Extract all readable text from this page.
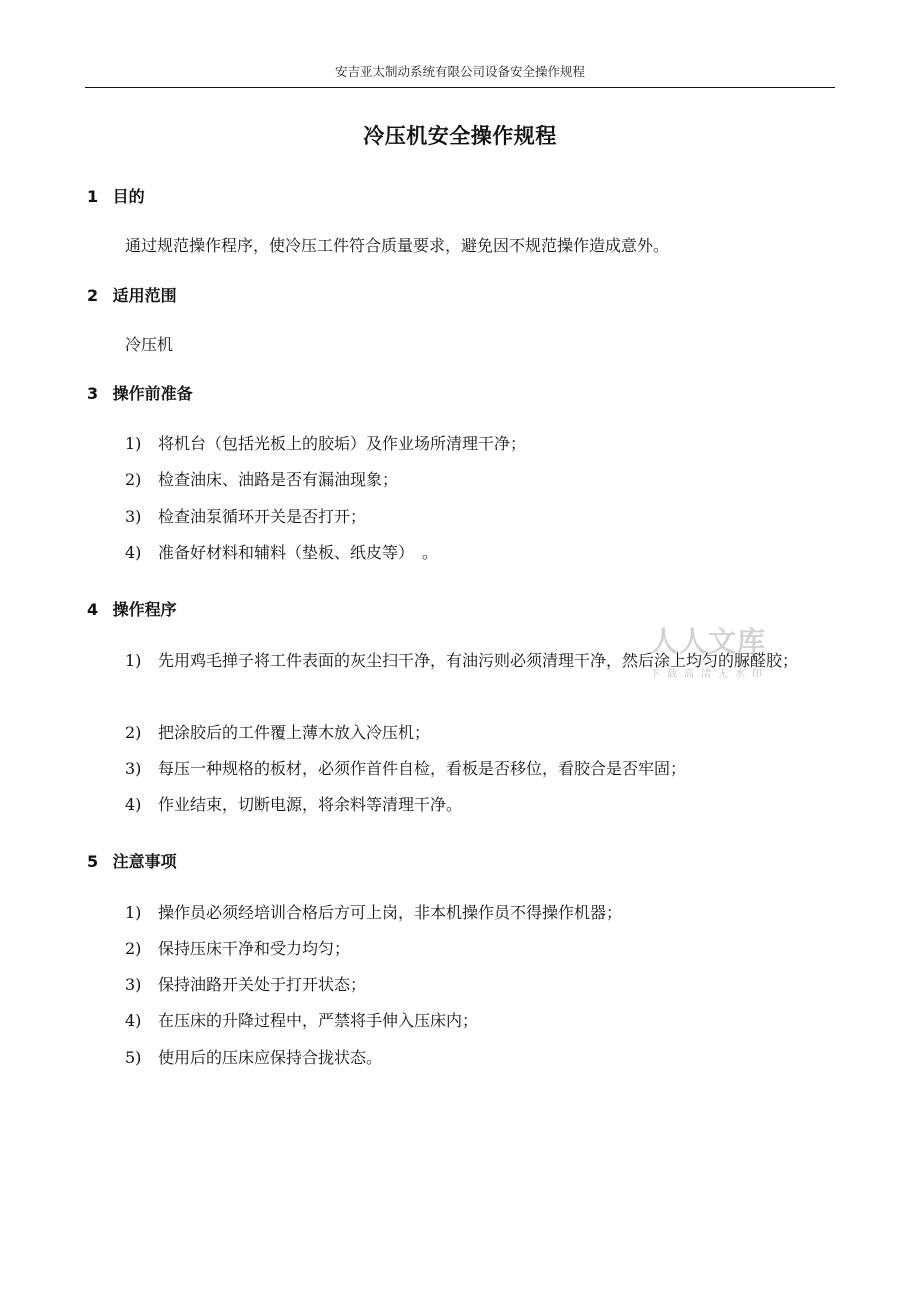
安吉亚太制动系统有限公司设备安全操作规程
冷压机安全操作规程
1 目的
通过规范操作程序，使冷压工件符合质量要求，避免因不规范操作造成意外。
2 适用范围
冷压机
3 操作前准备
1)	将机台（包括光板上的胶垢）及作业场所清理干净；
2)	检查油床、油路是否有漏油现象；
3)	检查油泵循环开关是否打开；
4)	准备好材料和辅料（垫板、纸皮等）　。
4 操作程序
1)	先用鸡毛掸子将工件表面的灰尘扫干净，有油污则必须清理干净，然后涂上均匀的脲醛胶；
2)	把涂胶后的工件覆上薄木放入冷压机；
3)	每压一种规格的板材，必须作首件自检，看板是否移位，看胶合是否牢固；
4)	作业结束，切断电源，将余料等清理干净。
5 注意事项
1)	操作员必须经培训合格后方可上岗，非本机操作员不得操作机器；
2)	保持压床干净和受力均匀；
3)	保持油路开关处于打开状态；
4)	在压床的升降过程中，严禁将手伸入压床内；
5)	使用后的压床应保持合拢状态。
人人文库
下载高清无水印
